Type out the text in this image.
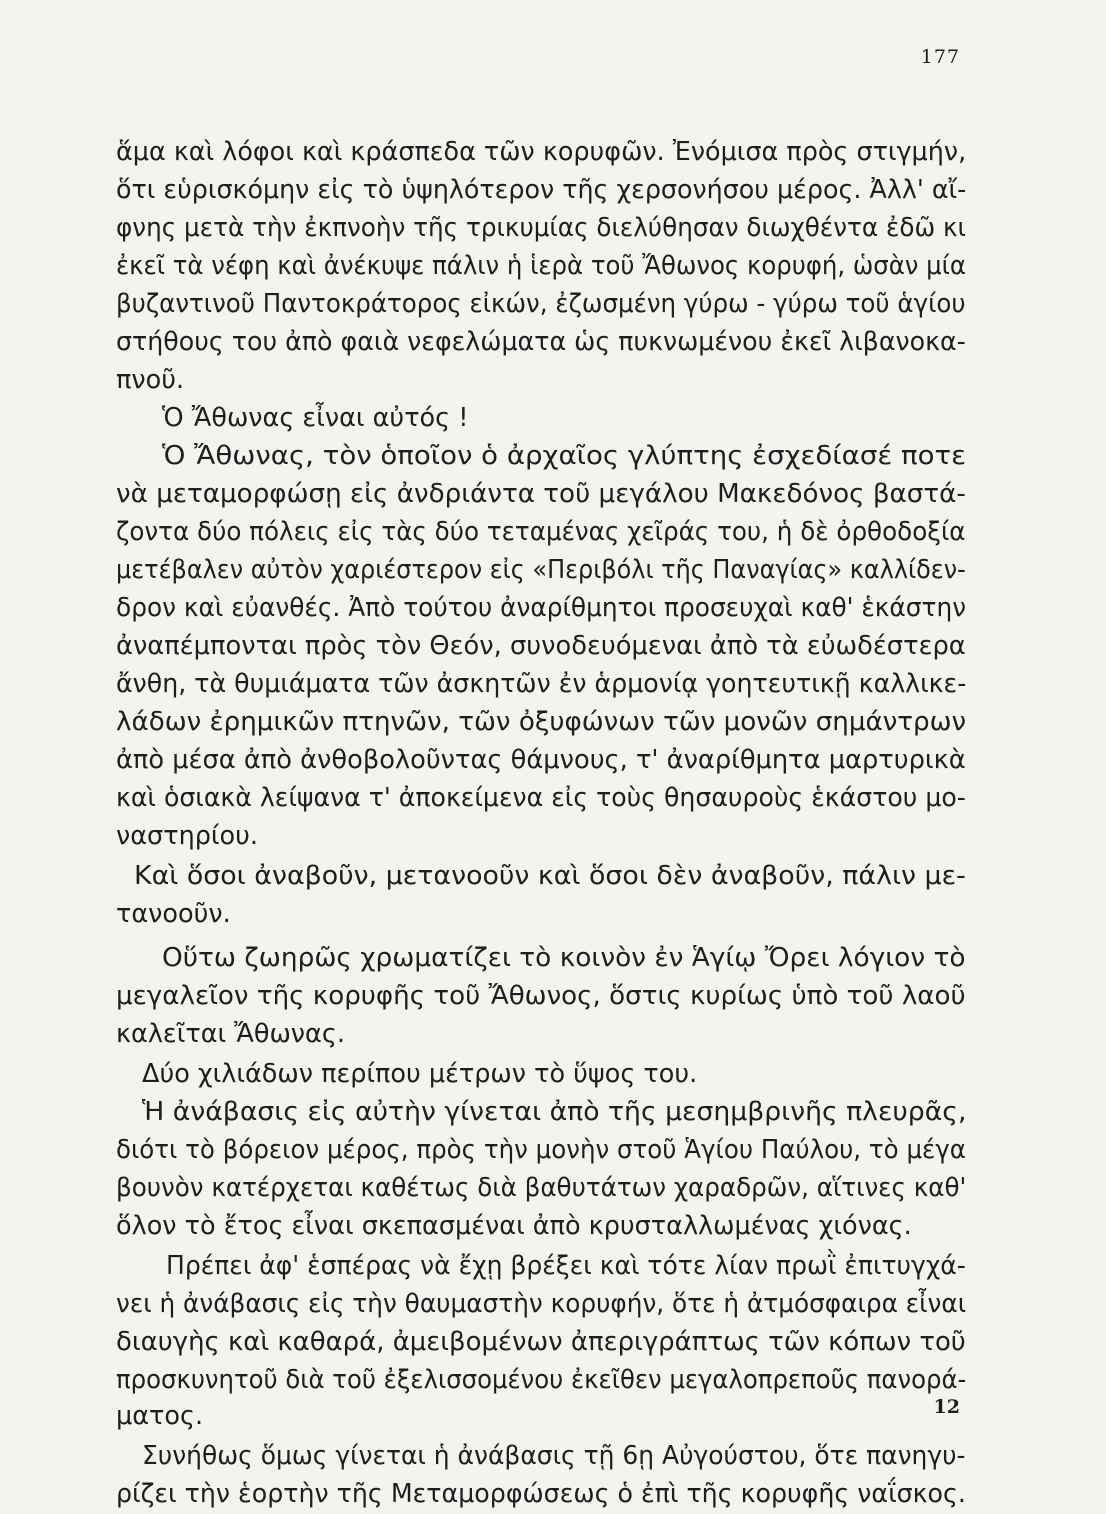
177
ἅμα καὶ λόφοι καὶ κράσπεδα τῶν κορυφῶν. Ἐνόμισα πρὸς στιγμήν,
ὅτι εὑρισκόμην εἰς τὸ ὑψηλότερον τῆς χερσονήσου μέρος. Ἀλλ' αἴ-
φνης μετὰ τὴν ἐκπνοὴν τῆς τρικυμίας διελύθησαν διωχθέντα ἐδῶ κι
ἐκεῖ τὰ νέφη καὶ ἀνέκυψε πάλιν ἡ ἱερὰ τοῦ Ἄθωνος κορυφή, ὡσὰν μία
βυζαντινοῦ Παντοκράτορος εἰκών, ἐζωσμένη γύρω - γύρω τοῦ ἁγίου
στήθους του ἀπὸ φαιὰ νεφελώματα ὡς πυκνωμένου ἐκεῖ λιβανοκα-
πνοῦ.
Ὁ Ἄθωνας εἶναι αὐτός !
Ὁ Ἄθωνας, τὸν ὁποῖον ὁ ἀρχαῖος γλύπτης ἐσχεδίασέ ποτε
νὰ μεταμορφώσῃ εἰς ἀνδριάντα τοῦ μεγάλου Μακεδόνος βαστά-
ζοντα δύο πόλεις εἰς τὰς δύο τεταμένας χεῖράς του, ἡ δὲ ὀρθοδοξία
μετέβαλεν αὐτὸν χαριέστερον εἰς «Περιβόλι τῆς Παναγίας» καλλίδεν-
δρον καὶ εὐανθές. Ἀπὸ τούτου ἀναρίθμητοι προσευχαὶ καθ' ἑκάστην
ἀναπέμπονται πρὸς τὸν Θεόν, συνοδευόμεναι ἀπὸ τὰ εὐωδέστερα
ἄνθη, τὰ θυμιάματα τῶν ἀσκητῶν ἐν ἁρμονίᾳ γοητευτικῇ καλλικε-
λάδων ἐρημικῶν πτηνῶν, τῶν ὀξυφώνων τῶν μονῶν σημάντρων
ἀπὸ μέσα ἀπὸ ἀνθοβολοῦντας θάμνους, τ' ἀναρίθμητα μαρτυρικὰ
καὶ ὁσιακὰ λείψανα τ' ἀποκείμενα εἰς τοὺς θησαυροὺς ἑκάστου μο-
ναστηρίου.
Καὶ ὅσοι ἀναβοῦν, μετανοοῦν καὶ ὅσοι δὲν ἀναβοῦν, πάλιν με-
τανοοῦν.
Οὕτω ζωηρῶς χρωματίζει τὸ κοινὸν ἐν Ἁγίῳ Ὄρει λόγιον τὸ
μεγαλεῖον τῆς κορυφῆς τοῦ Ἄθωνος, ὅστις κυρίως ὑπὸ τοῦ λαοῦ
καλεῖται Ἄθωνας.
Δύο χιλιάδων περίπου μέτρων τὸ ὕψος του.
Ἡ ἀνάβασις εἰς αὐτὴν γίνεται ἀπὸ τῆς μεσημβρινῆς πλευρᾶς,
διότι τὸ βόρειον μέρος, πρὸς τὴν μονὴν στοῦ Ἁγίου Παύλου, τὸ μέγα
βουνὸν κατέρχεται καθέτως διὰ βαθυτάτων χαραδρῶν, αἵτινες καθ'
ὅλον τὸ ἔτος εἶναι σκεπασμέναι ἀπὸ κρυσταλλωμένας χιόνας.
Πρέπει ἀφ' ἑσπέρας νὰ ἔχῃ βρέξει καὶ τότε λίαν πρωῒ ἐπιτυγχά-
νει ἡ ἀνάβασις εἰς τὴν θαυμαστὴν κορυφήν, ὅτε ἡ ἀτμόσφαιρα εἶναι
διαυγὴς καὶ καθαρά, ἀμειβομένων ἀπεριγράπτως τῶν κόπων τοῦ
προσκυνητοῦ διὰ τοῦ ἐξελισσομένου ἐκεῖθεν μεγαλοπρεποῦς πανορά-
ματος.
Συνήθως ὅμως γίνεται ἡ ἀνάβασις τῇ 6ῃ Αὐγούστου, ὅτε πανηγυ-
ρίζει τὴν ἑορτὴν τῆς Μεταμορφώσεως ὁ ἐπὶ τῆς κορυφῆς ναΐσκος.
12
